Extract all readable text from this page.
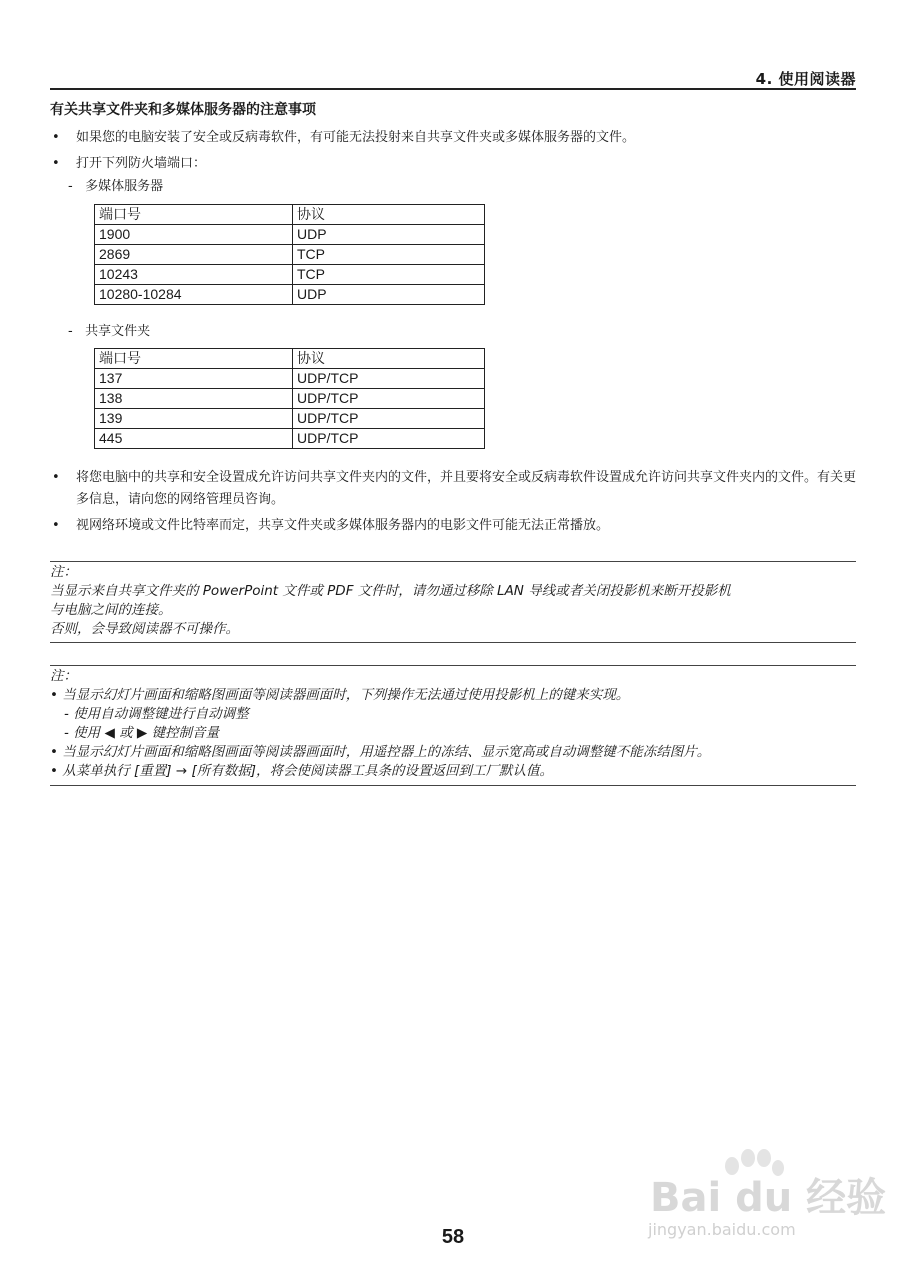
4. 使用阅读器
有关共享文件夹和多媒体服务器的注意事项
•	如果您的电脑安装了安全或反病毒软件，有可能无法投射来自共享文件夹或多媒体服务器的文件。
•	打开下列防火墙端口：
- 多媒体服务器
端口号	协议
1900	UDP
2869	TCP
10243	TCP
10280-10284	UDP
- 共享文件夹
端口号	协议
137	UDP/TCP
138	UDP/TCP
139	UDP/TCP
445	UDP/TCP
•	将您电脑中的共享和安全设置成允许访问共享文件夹内的文件，并且要将安全或反病毒软件设置成允许访问共享文件夹内的文件。有关更多信息，请向您的网络管理员咨询。
•	视网络环境或文件比特率而定，共享文件夹或多媒体服务器内的电影文件可能无法正常播放。
注：
当显示来自共享文件夹的 PowerPoint 文件或 PDF 文件时，请勿通过移除 LAN 导线或者关闭投影机来断开投影机
与电脑之间的连接。
否则，会导致阅读器不可操作。
注：
• 当显示幻灯片画面和缩略图画面等阅读器画面时，下列操作无法通过使用投影机上的键来实现。
- 使用自动调整键进行自动调整
- 使用 ◀ 或 ▶ 键控制音量
• 当显示幻灯片画面和缩略图画面等阅读器画面时，用遥控器上的冻结、显示宽高或自动调整键不能冻结图片。
• 从菜单执行 [重置] → [所有数据]，将会使阅读器工具条的设置返回到工厂默认值。
Bai du 经验
jingyan.baidu.com
58
